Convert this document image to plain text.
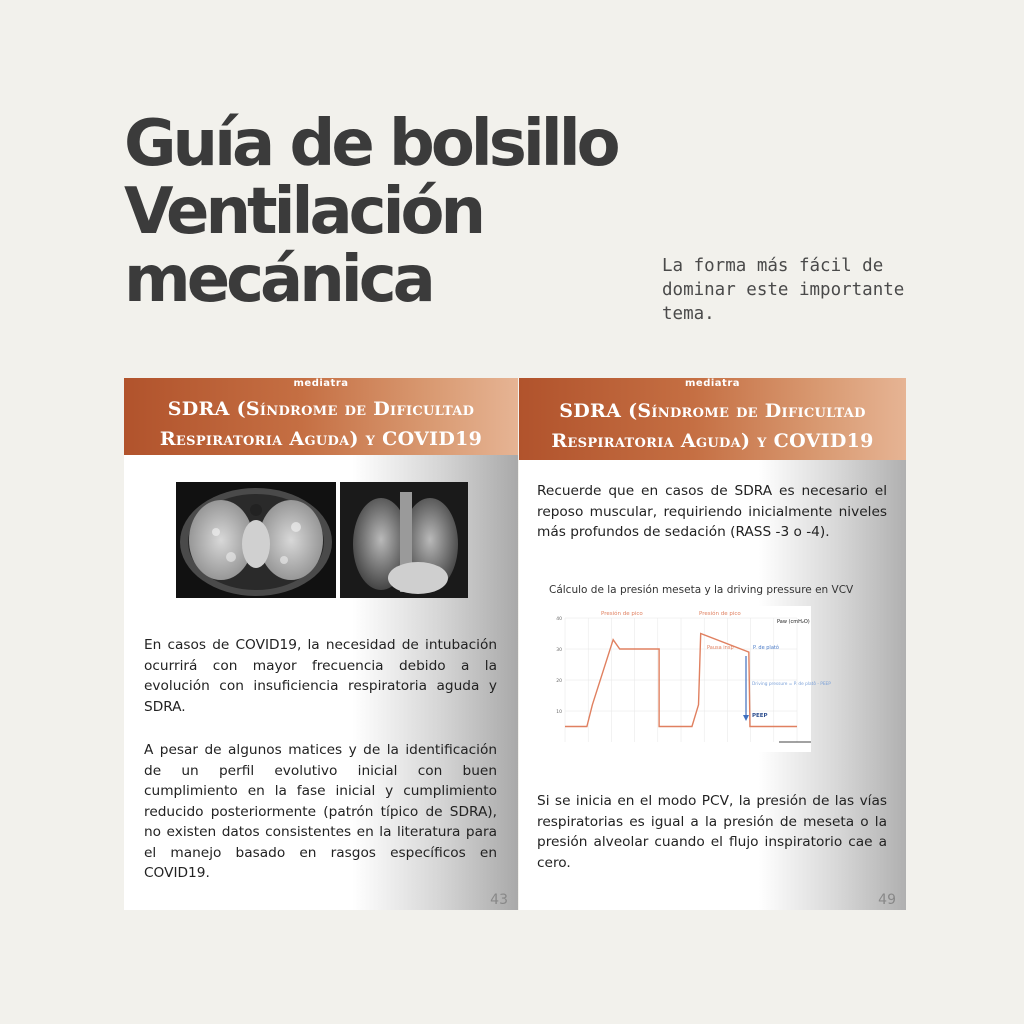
Guía de bolsillo
Ventilación
mecánica	La forma más fácil de dominar este importante tema.

mediatra
SDRA (Síndrome de Dificultad
Respiratoria Aguda) y COVID19

En casos de COVID19, la necesidad de intubación ocurrirá con mayor frecuencia debido a la evolución con insuficiencia respiratoria aguda y SDRA.

A pesar de algunos matices y de la identificación de un perfil evolutivo inicial con buen cumplimiento en la fase inicial y cumplimiento reducido posteriormente (patrón típico de SDRA), no existen datos consistentes en la literatura para el manejo basado en rasgos específicos en COVID19.

43
mediatra
SDRA (Síndrome de Dificultad
Respiratoria Aguda) y COVID19

Recuerde que en casos de SDRA es necesario el reposo muscular, requiriendo inicialmente niveles más profundos de sedación (RASS -3 o -4).

Cálculo de la presión meseta y la driving pressure en VCV
40
30
20
10
Presión de pico	Presión de pico
Pausa insp	P. de platô
Paw (cmH₂O)
Driving pressure = P. de platô - PEEP
PEEP

Si se inicia en el modo PCV, la presión de las vías respiratorias es igual a la presión de meseta o la presión alveolar cuando el flujo inspiratorio cae a cero.

49
